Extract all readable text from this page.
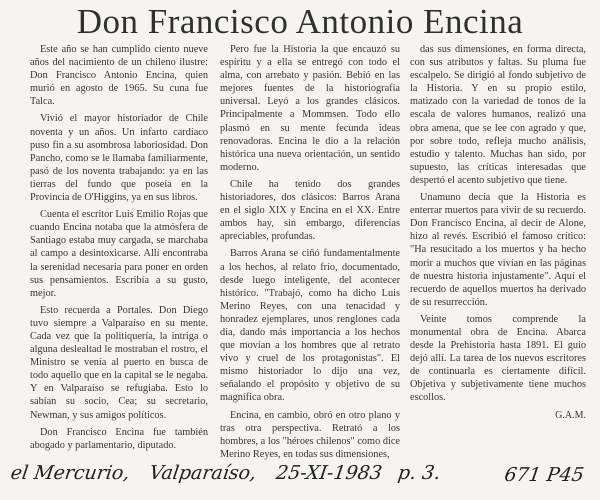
Don Francisco Antonio Encina

Este año se han cumplido ciento nueve años del nacimiento de un chileno ilustre: Don Francisco Antonio Encina, quien murió en agosto de 1965. Su cuna fue Talca.

Vivió el mayor historiador de Chile noventa y un años. Un infarto cardíaco puso fin a su asombrosa laboriosidad. Don Pancho, como se le llamaba familiarmente, pasó de los noventa trabajando: ya en las tierras del fundo que poseía en la Provincia de O'Higgins, ya en sus libros.

Cuenta el escritor Luis Emilio Rojas que cuando Encina notaba que la atmósfera de Santiago estaba muy cargada, se marchaba al campo a desintoxicarse. Allí encontraba la serenidad necesaria para poner en orden sus pensamientos. Escribía a su gusto, mejor.

Esto recuerda a Portales. Don Diego tuvo siempre a Valparaíso en su mente. Cada vez que la politiquería, la intriga o alguna deslealtad le mostraban el rostro, el Ministro se venía al puerto en busca de todo aquello que en la capital se le negaba. Y en Valparaíso se refugiaba. Esto lo sabían su socio, Cea; su secretario, Newman, y sus amigos políticos.

Don Francisco Encina fue también abogado y parlamentario, diputado.

Pero fue la Historia la que encauzó su espíritu y a ella se entregó con todo el alma, con arrebato y pasión. Bebió en las mejores fuentes de la historiografía universal. Leyó a los grandes clásicos. Principalmente a Mommsen. Todo ello plasmó en su mente fecunda ideas renovadoras. Encina le dio a la relación histórica una nueva orientación, un sentido moderno.

Chile ha tenido dos grandes historiadores, dos clásicos: Barros Arana en el siglo XIX y Encina en el XX. Entre ambos hay, sin embargo, diferencias apreciables, profundas.

Barros Arana se ciñó fundamentalmente a los hechos, al relato frío, documentado, desde luego inteligente, del acontecer histórico. "Trabajó, como ha dicho Luis Merino Reyes, con una tenacidad y honradez ejemplares, unos renglones cada día, dando más importancia a los hechos que movían a los hombres que al retrato vivo y cruel de los protagonistas". El mismo historiador lo dijo una vez, señalando el propósito y objetivo de su magnífica obra.

Encina, en cambio, obró en otro plano y tras otra perspectiva. Retrató a los hombres, a los "héroes chilenos" como dice Merino Reyes, en todas sus dimensiones,

das sus dimensiones, en forma directa, con sus atributos y faltas. Su pluma fue escalpelo. Se dirigió al fondo subjetivo de la Historia. Y en su propio estilo, matizado con la variedad de tonos de la escala de valores humanos, realizó una obra amena, que se lee con agrado y que, por sobre todo, refleja mucho análisis, estudio y talento. Muchas han sido, por supuesto, las críticas interesadas que despertó el acento subjetivo que tiene.

Unamuno decía que la Historia es enterrar muertos para vivir de su recuerdo. Don Francisco Encina, al decir de Alone, hizo al revés. Escribió el famoso crítico: "Ha resucitado a los muertos y ha hecho morir a muchos que vivían en las páginas de nuestra historia injustamente". Aquí el recuerdo de aquellos muertos ha derivado de su resurrección.

Veinte tomos comprende la monumental obra de Encina. Abarca desde la Prehistoria hasta 1891. El guio dejó allí. La tarea de los nuevos escritores de continuarla es ciertamente difícil. Objetiva y subjetivamente tiene muchos escollos.

G.A.M.
el Mercurio, Valparaíso, 25-XI-1983 p. 3.	671 P45
